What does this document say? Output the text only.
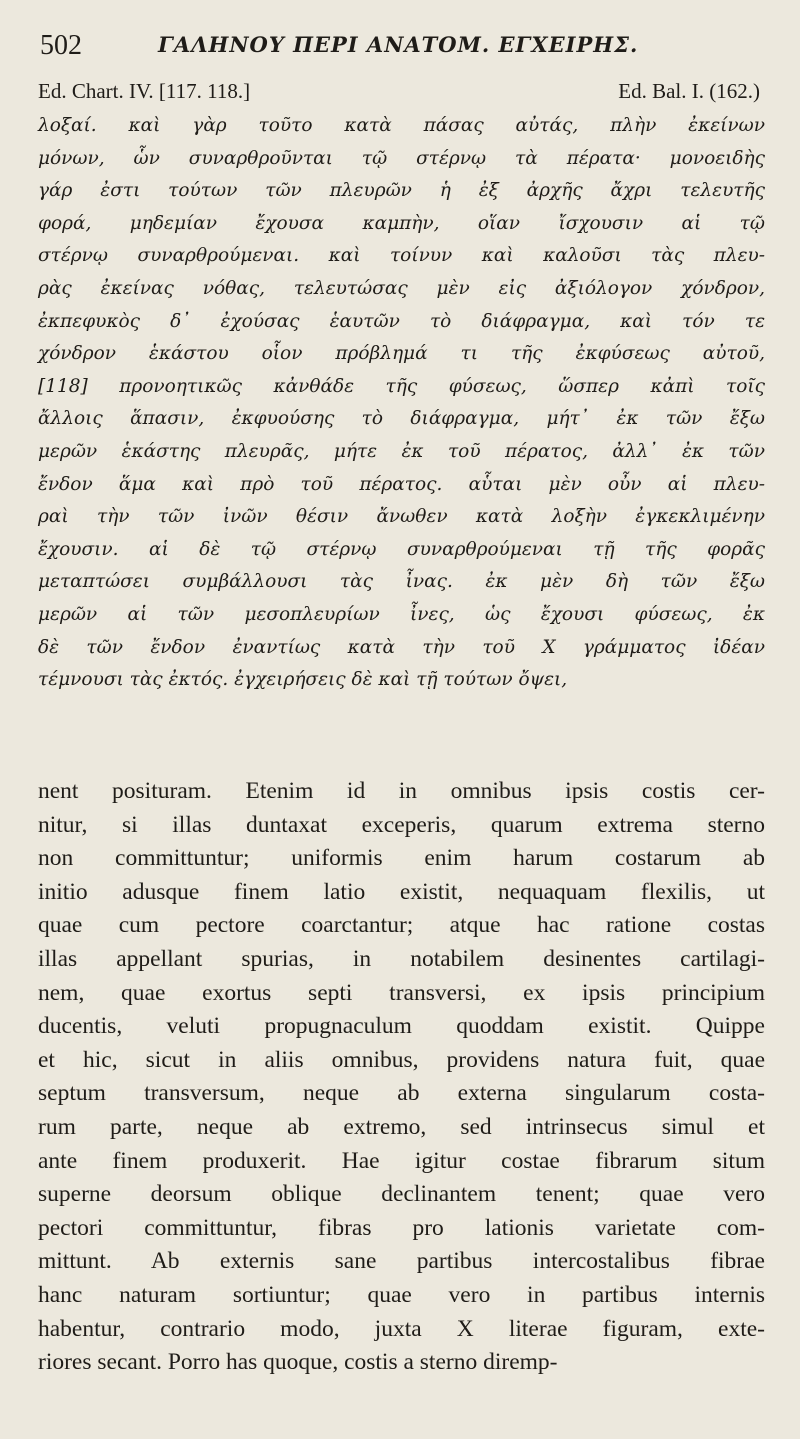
502	ΓΑΛΗΝΟΥ ΠΕΡΙ ΑΝΑΤΟΜ. ΕΓΧΕΙΡΗΣ.
Ed. Chart. IV. [117. 118.]	Ed. Bal. I. (162.)
λοξαί. καὶ γὰρ τοῦτο κατὰ πάσας αὐτάς, πλὴν ἐκείνων
μόνων, ὧν συναρθροῦνται τῷ στέρνῳ τὰ πέρατα· μονοειδὴς
γάρ ἐστι τούτων τῶν πλευρῶν ἡ ἐξ ἀρχῆς ἄχρι τελευτῆς
φορά, μηδεμίαν ἔχουσα καμπὴν, οἵαν ἴσχουσιν αἱ τῷ
στέρνῳ συναρθρούμεναι. καὶ τοίνυν καὶ καλοῦσι τὰς πλευ-
ρὰς ἐκείνας νόθας, τελευτώσας μὲν εἰς ἀξιόλογον χόνδρον,
ἐκπεφυκὸς δ᾽ ἐχούσας ἑαυτῶν τὸ διάφραγμα, καὶ τόν τε
χόνδρον ἑκάστου οἷον πρόβλημά τι τῆς ἐκφύσεως αὐτοῦ,
[118] προνοητικῶς κἀνθάδε τῆς φύσεως, ὥσπερ κἀπὶ τοῖς
ἄλλοις ἅπασιν, ἐκφυούσης τὸ διάφραγμα, μήτ᾽ ἐκ τῶν ἔξω
μερῶν ἑκάστης πλευρᾶς, μήτε ἐκ τοῦ πέρατος, ἀλλ᾽ ἐκ τῶν
ἔνδον ἅμα καὶ πρὸ τοῦ πέρατος. αὗται μὲν οὖν αἱ πλευ-
ραὶ τὴν τῶν ἰνῶν θέσιν ἄνωθεν κατὰ λοξὴν ἐγκεκλιμένην
ἔχουσιν. αἱ δὲ τῷ στέρνῳ συναρθρούμεναι τῇ τῆς φορᾶς
μεταπτώσει συμβάλλουσι τὰς ἶνας. ἐκ μὲν δὴ τῶν ἔξω
μερῶν αἱ τῶν μεσοπλευρίων ἶνες, ὡς ἔχουσι φύσεως, ἐκ
δὲ τῶν ἔνδον ἐναντίως κατὰ τὴν τοῦ Χ γράμματος ἰδέαν
τέμνουσι τὰς ἐκτός. ἐγχειρήσεις δὲ καὶ τῇ τούτων ὄψει,
nent posituram. Etenim id in omnibus ipsis costis cer-
nitur, si illas duntaxat exceperis, quarum extrema sterno
non committuntur; uniformis enim harum costarum ab
initio adusque finem latio existit, nequaquam flexilis, ut
quae cum pectore coarctantur; atque hac ratione costas
illas appellant spurias, in notabilem desinentes cartilagi-
nem, quae exortus septi transversi, ex ipsis principium
ducentis, veluti propugnaculum quoddam existit. Quippe
et hic, sicut in aliis omnibus, providens natura fuit, quae
septum transversum, neque ab externa singularum costa-
rum parte, neque ab extremo, sed intrinsecus simul et
ante finem produxerit. Hae igitur costae fibrarum situm
superne deorsum oblique declinantem tenent; quae vero
pectori committuntur, fibras pro lationis varietate com-
mittunt. Ab externis sane partibus intercostalibus fibrae
hanc naturam sortiuntur; quae vero in partibus internis
habentur, contrario modo, juxta X literae figuram, exte-
riores secant. Porro has quoque, costis a sterno diremp-
